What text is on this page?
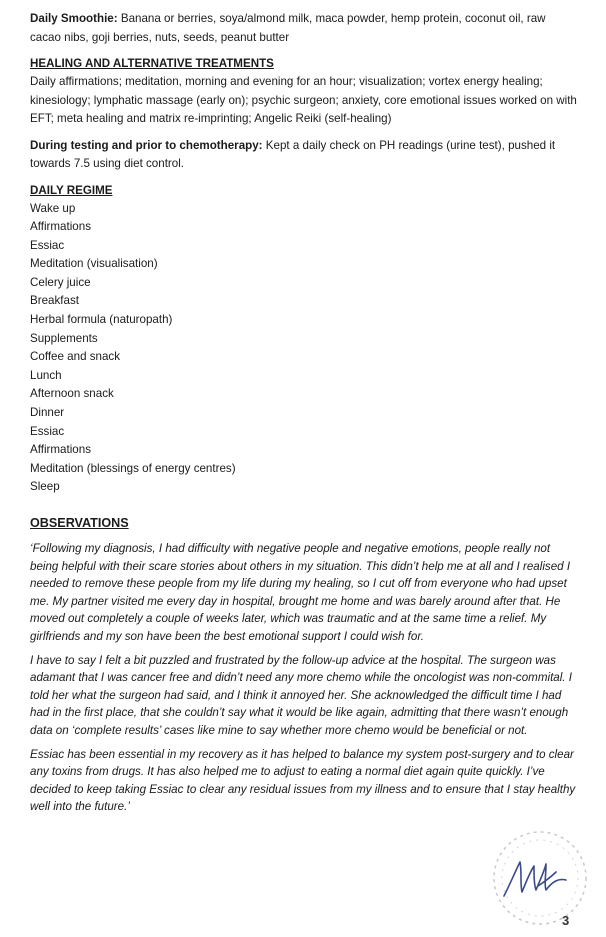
Daily Smoothie: Banana or berries, soya/almond milk, maca powder, hemp protein, coconut oil, raw cacao nibs, goji berries, nuts, seeds, peanut butter

HEALING AND ALTERNATIVE TREATMENTS

Daily affirmations; meditation, morning and evening for an hour; visualization; vortex energy healing; kinesiology; lymphatic massage (early on); psychic surgeon; anxiety, core emotional issues worked on with EFT; meta healing and matrix re-imprinting; Angelic Reiki (self-healing)

During testing and prior to chemotherapy: Kept a daily check on PH readings (urine test), pushed it towards 7.5 using diet control.

DAILY REGIME
Wake up
Affirmations
Essiac
Meditation (visualisation)
Celery juice
Breakfast
Herbal formula (naturopath)
Supplements
Coffee and snack
Lunch
Afternoon snack
Dinner
Essiac
Affirmations
Meditation (blessings of energy centres)
Sleep
OBSERVATIONS

‘Following my diagnosis, I had difficulty with negative people and negative emotions, people really not being helpful with their scare stories about others in my situation. This didn’t help me at all and I realised I needed to remove these people from my life during my healing, so I cut off from everyone who had upset me. My partner visited me every day in hospital, brought me home and was barely around after that. He moved out completely a couple of weeks later, which was traumatic and at the same time a relief. My girlfriends and my son have been the best emotional support I could wish for.

I have to say I felt a bit puzzled and frustrated by the follow-up advice at the hospital. The surgeon was adamant that I was cancer free and didn’t need any more chemo while the oncologist was non-commital. I told her what the surgeon had said, and I think it annoyed her. She acknowledged the difficult time I had had in the first place, that she couldn’t say what it would be like again, admitting that there wasn’t enough data on ‘complete results’ cases like mine to say whether more chemo would be beneficial or not.

Essiac has been essential in my recovery as it has helped to balance my system post-surgery and to clear any toxins from drugs. It has also helped me to adjust to eating a normal diet again quite quickly. I’ve decided to keep taking Essiac to clear any residual issues from my illness and to ensure that I stay healthy well into the future.’

3
